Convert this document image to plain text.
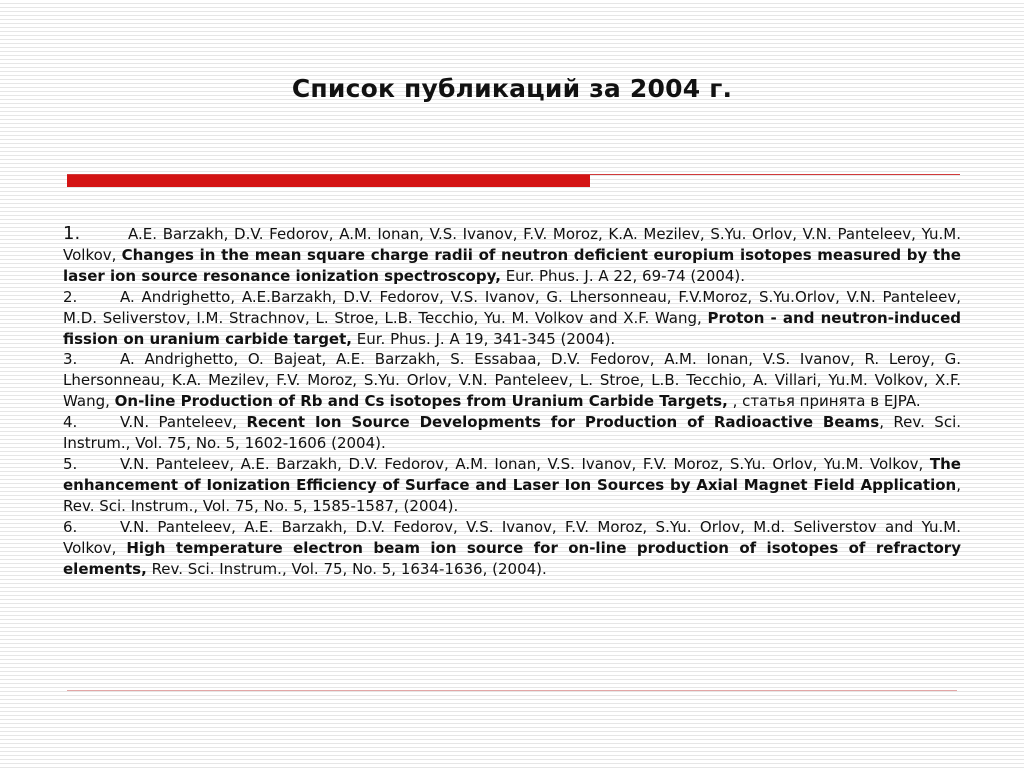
Список публикаций за 2004 г.

1.	A.E. Barzakh, D.V. Fedorov, A.M. Ionan, V.S. Ivanov, F.V. Moroz, K.A. Mezilev, S.Yu. Orlov, V.N. Panteleev, Yu.M. Volkov, Changes in the mean square charge radii of neutron deficient europium isotopes measured by the laser ion source resonance ionization spectroscopy, Eur. Phus. J. A 22, 69-74 (2004).

2.	A. Andrighetto, A.E.Barzakh, D.V. Fedorov, V.S. Ivanov, G. Lhersonneau, F.V.Moroz, S.Yu.Orlov, V.N. Panteleev, M.D. Seliverstov, I.M. Strachnov, L. Stroe, L.B. Tecchio, Yu. M. Volkov and X.F. Wang, Proton - and neutron-induced fission on uranium carbide target, Eur. Phus. J. A 19, 341-345 (2004).

3.	A. Andrighetto, O. Bajeat, A.E. Barzakh, S. Essabaa, D.V. Fedorov, A.M. Ionan, V.S. Ivanov, R. Leroy, G. Lhersonneau, K.A. Mezilev, F.V. Moroz, S.Yu. Orlov, V.N. Panteleev, L. Stroe, L.B. Tecchio, A. Villari, Yu.M. Volkov, X.F. Wang, On-line Production of Rb and Cs isotopes from Uranium Carbide Targets, , статья принята в EJPA.

4.	V.N. Panteleev, Recent Ion Source Developments for Production of Radioactive Beams, Rev. Sci. Instrum., Vol. 75, No. 5, 1602-1606 (2004).

5.	V.N. Panteleev, A.E. Barzakh, D.V. Fedorov, A.M. Ionan, V.S. Ivanov, F.V. Moroz, S.Yu. Orlov, Yu.M. Volkov, The enhancement of Ionization Efficiency of Surface and Laser Ion Sources by Axial Magnet Field Application, Rev. Sci. Instrum., Vol. 75, No. 5, 1585-1587, (2004).

6.	V.N. Panteleev, A.E. Barzakh, D.V. Fedorov, V.S. Ivanov, F.V. Moroz, S.Yu. Orlov, M.d. Seliverstov and Yu.M. Volkov, High temperature electron beam ion source for on-line production of isotopes of refractory elements, Rev. Sci. Instrum., Vol. 75, No. 5, 1634-1636, (2004).
